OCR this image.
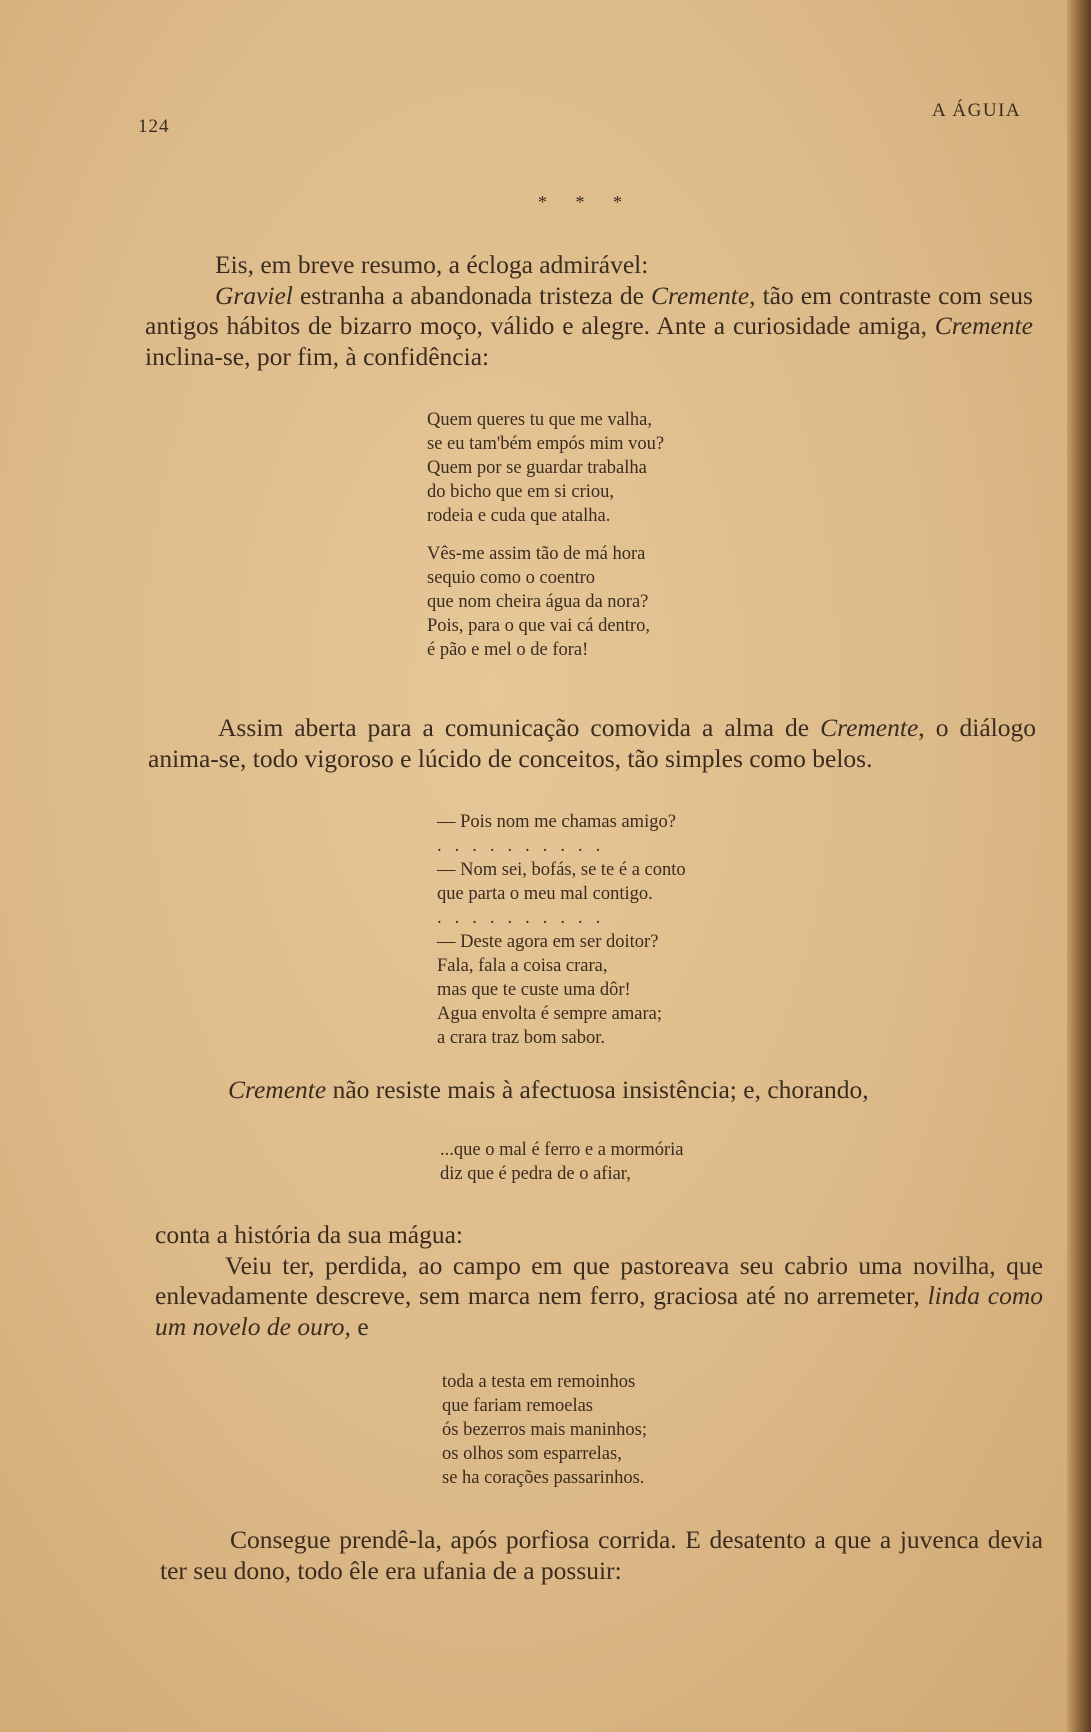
124
A ÁGUIA
* * *

Eis, em breve resumo, a écloga admirável:
Graviel estranha a abandonada tristeza de Cremente, tão em contraste com seus antigos hábitos de bizarro moço, válido e alegre. Ante a curiosidade amiga, Cremente inclina-se, por fim, à confidência:

Quem queres tu que me valha,
se eu tam'bém empós mim vou?
Quem por se guardar trabalha
do bicho que em si criou,
rodeia e cuda que atalha.
Vês-me assim tão de má hora
sequio como o coentro
que nom cheira água da nora?
Pois, para o que vai cá dentro,
é pão e mel o de fora!

Assim aberta para a comunicação comovida a alma de Cremente, o diálogo anima-se, todo vigoroso e lúcido de conceitos, tão simples como belos.

— Pois nom me chamas amigo?
..........
— Nom sei, bofás, se te é a conto
que parta o meu mal contigo.
..........
— Deste agora em ser doitor?
Fala, fala a coisa crara,
mas que te custe uma dôr!
Agua envolta é sempre amara;
a crara traz bom sabor.

Cremente não resiste mais à afectuosa insistência; e, chorando,

...que o mal é ferro e a mormória
diz que é pedra de o afiar,

conta a história da sua mágua:
Veiu ter, perdida, ao campo em que pastoreava seu cabrio uma novilha, que enlevadamente descreve, sem marca nem ferro, graciosa até no arremeter, linda como um novelo de ouro, e

toda a testa em remoinhos
que fariam remoelas
ós bezerros mais maninhos;
os olhos som esparrelas,
se ha corações passarinhos.

Consegue prendê-la, após porfiosa corrida. E desatento a que a juvenca devia ter seu dono, todo êle era ufania de a possuir:
